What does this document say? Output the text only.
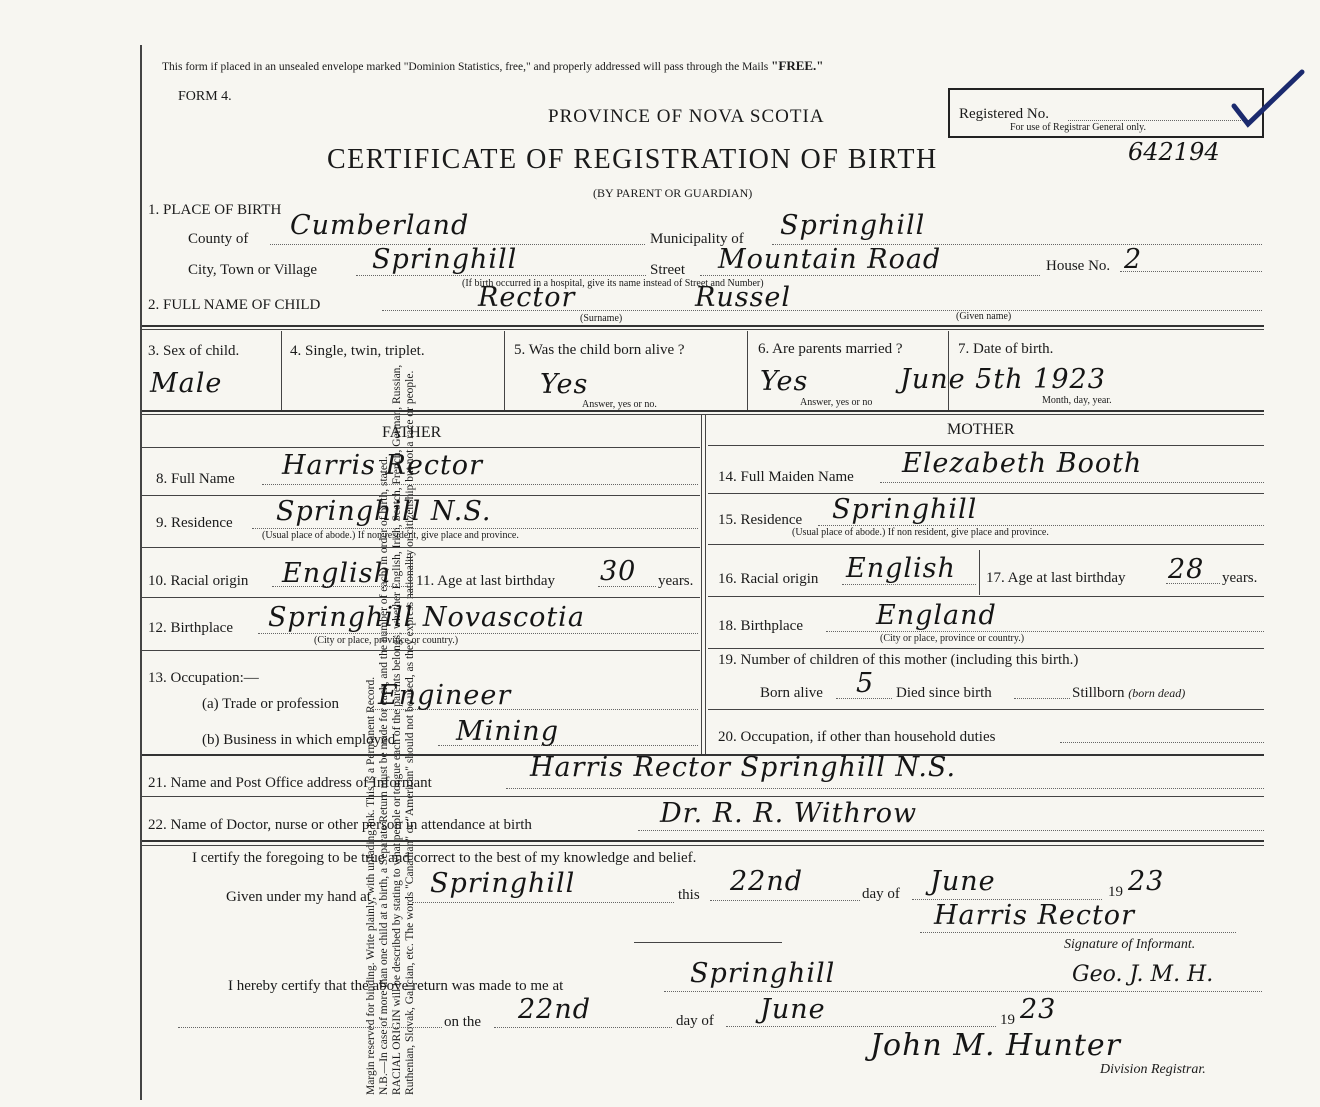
Margin reserved for binding. Write plainly, with unfading ink. This is a Permanent Record. N.B.—In case of more than one child at a birth, a Separate Return must be made for each, and the number of each, in order of birth, stated. RACIAL ORIGIN will be described by stating to what people or tongue each of the parents belongs, whether English, Irish, Scotch, French, German, Russian, Ruthenian, Slovak, Galician, etc. The words "Canadian" or "American" should not be used, as they express nationality or citizenship but not a race or people.
This form if placed in an unsealed envelope marked "Dominion Statistics, free," and properly addressed will pass through the Mails "FREE."
FORM 4.
PROVINCE OF NOVA SCOTIA
CERTIFICATE OF REGISTRATION OF BIRTH
(BY PARENT OR GUARDIAN)
Registered No.
For use of Registrar General only.
642194
1. PLACE OF BIRTH
County of Cumberland	Municipality of Springhill
City, Town or Village Springhill	Street Mountain Road	House No. 2
(If birth occurred in a hospital, give its name instead of Street and Number)
2. FULL NAME OF CHILD	Rector	Russel
(Surname)	(Given name)
3. Sex of child.
Male
4. Single, twin, triplet.	5. Was the child born alive ?
Yes
Answer, yes or no.
6. Are parents married ?
Yes
Answer, yes or no
7. Date of birth.
June 5th 1923
Month, day, year.
FATHER	MOTHER
8. Full Name Harris Rector
9. Residence Springhill N.S.
(Usual place of abode.) If non resident, give place and province.
10. Racial origin English 11. Age at last birthday 30 years.
12. Birthplace Springhill Novascotia
(City or place, province or country.)
13. Occupation:—
(a) Trade or profession Engineer
(b) Business in which employed Mining
14. Full Maiden Name Elezabeth Booth
15. Residence Springhill
(Usual place of abode.) If non resident, give place and province.
16. Racial origin English 17. Age at last birthday 28 years.
18. Birthplace	England
(City or place, province or country.)
19. Number of children of this mother (including this birth.)
Born alive 5 Died since birth	Stillborn (born dead)
20. Occupation, if other than household duties
21. Name and Post Office address of Informant	Harris Rector Springhill N.S.
22. Name of Doctor, nurse or other person in attendance at birth	Dr. R. R. Withrow
I certify the foregoing to be true and correct to the best of my knowledge and belief.
Given under my hand at Springhill	this 22nd	day of June	19 23
Harris Rector
Signature of Informant.
I hereby certify that the above return was made to me at	Springhill	Geo. J. M. H.
on the 22nd	day of June	19 23
John M. Hunter
Division Registrar.
